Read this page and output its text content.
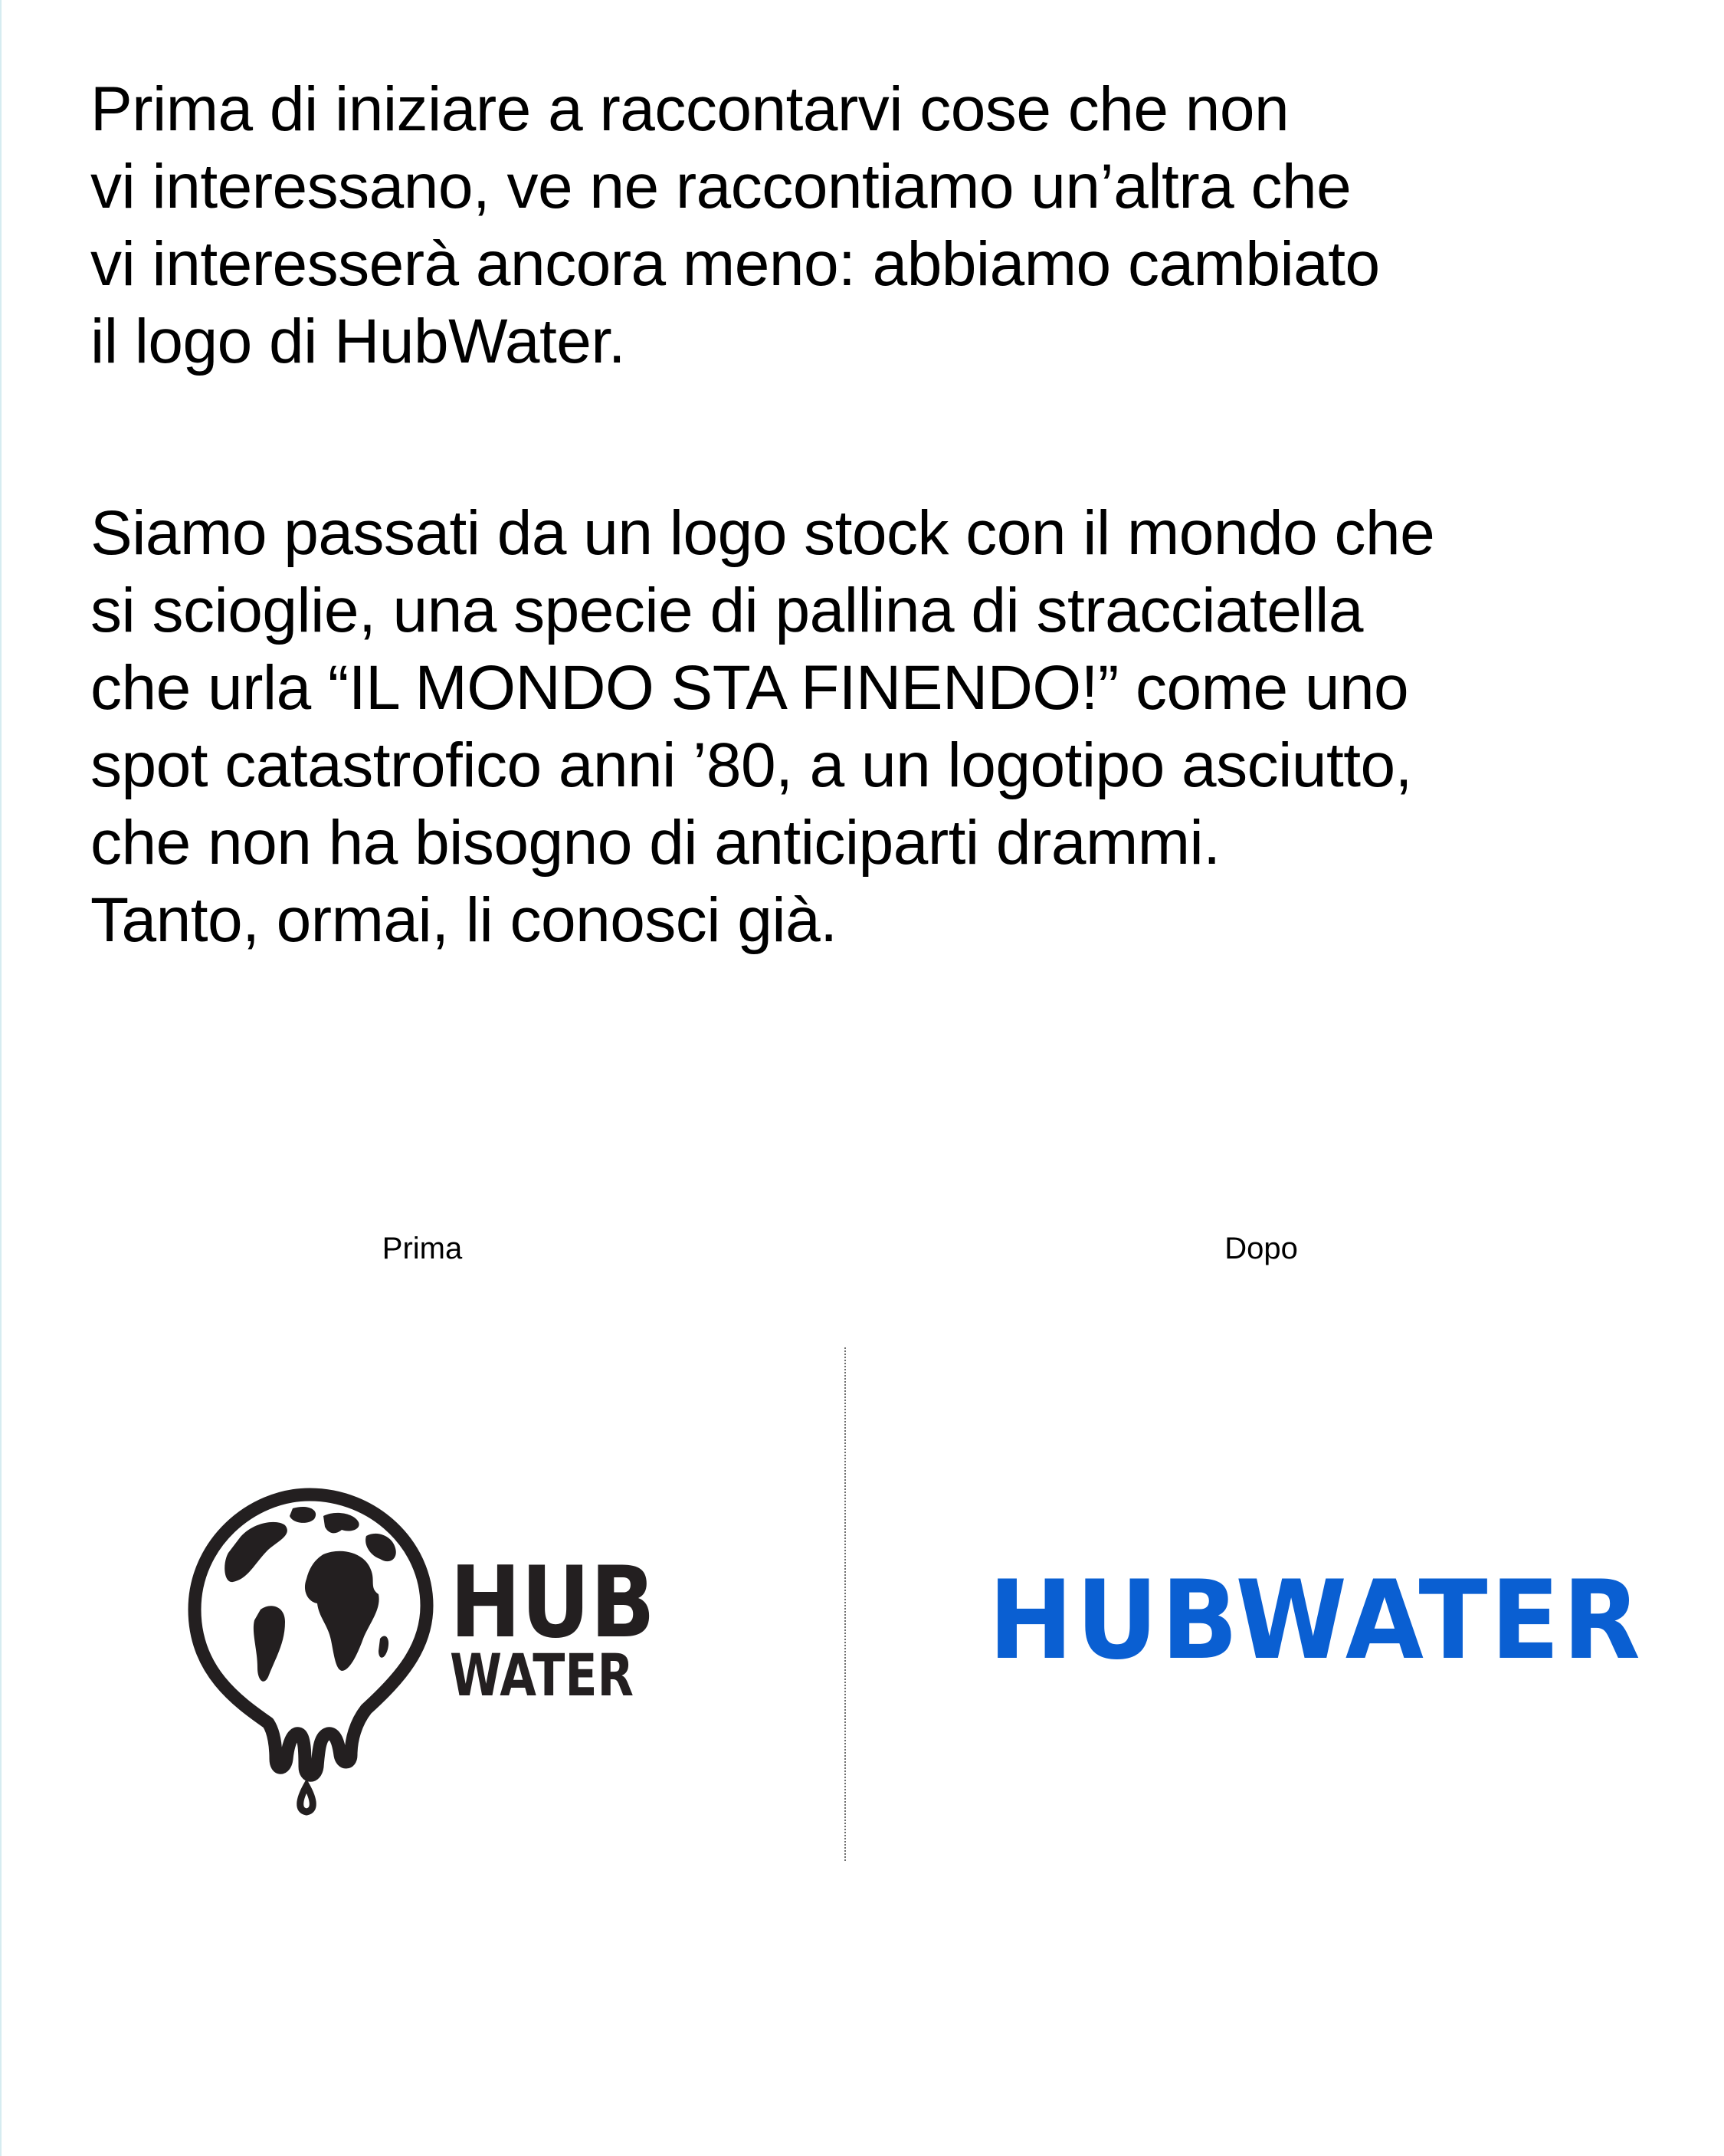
Prima di iniziare a raccontarvi cose che non
vi interessano, ve ne raccontiamo un’altra che
vi interesserà ancora meno: abbiamo cambiato
il logo di HubWater.

Siamo passati da un logo stock con il mondo che
si scioglie, una specie di pallina di stracciatella
che urla “IL MONDO STA FINENDO!” come uno
spot catastrofico anni ’80, a un logotipo asciutto,
che non ha bisogno di anticiparti drammi.
Tanto, ormai, li conosci già.

Prima	Dopo

HUB
WATER	HUBWATER
